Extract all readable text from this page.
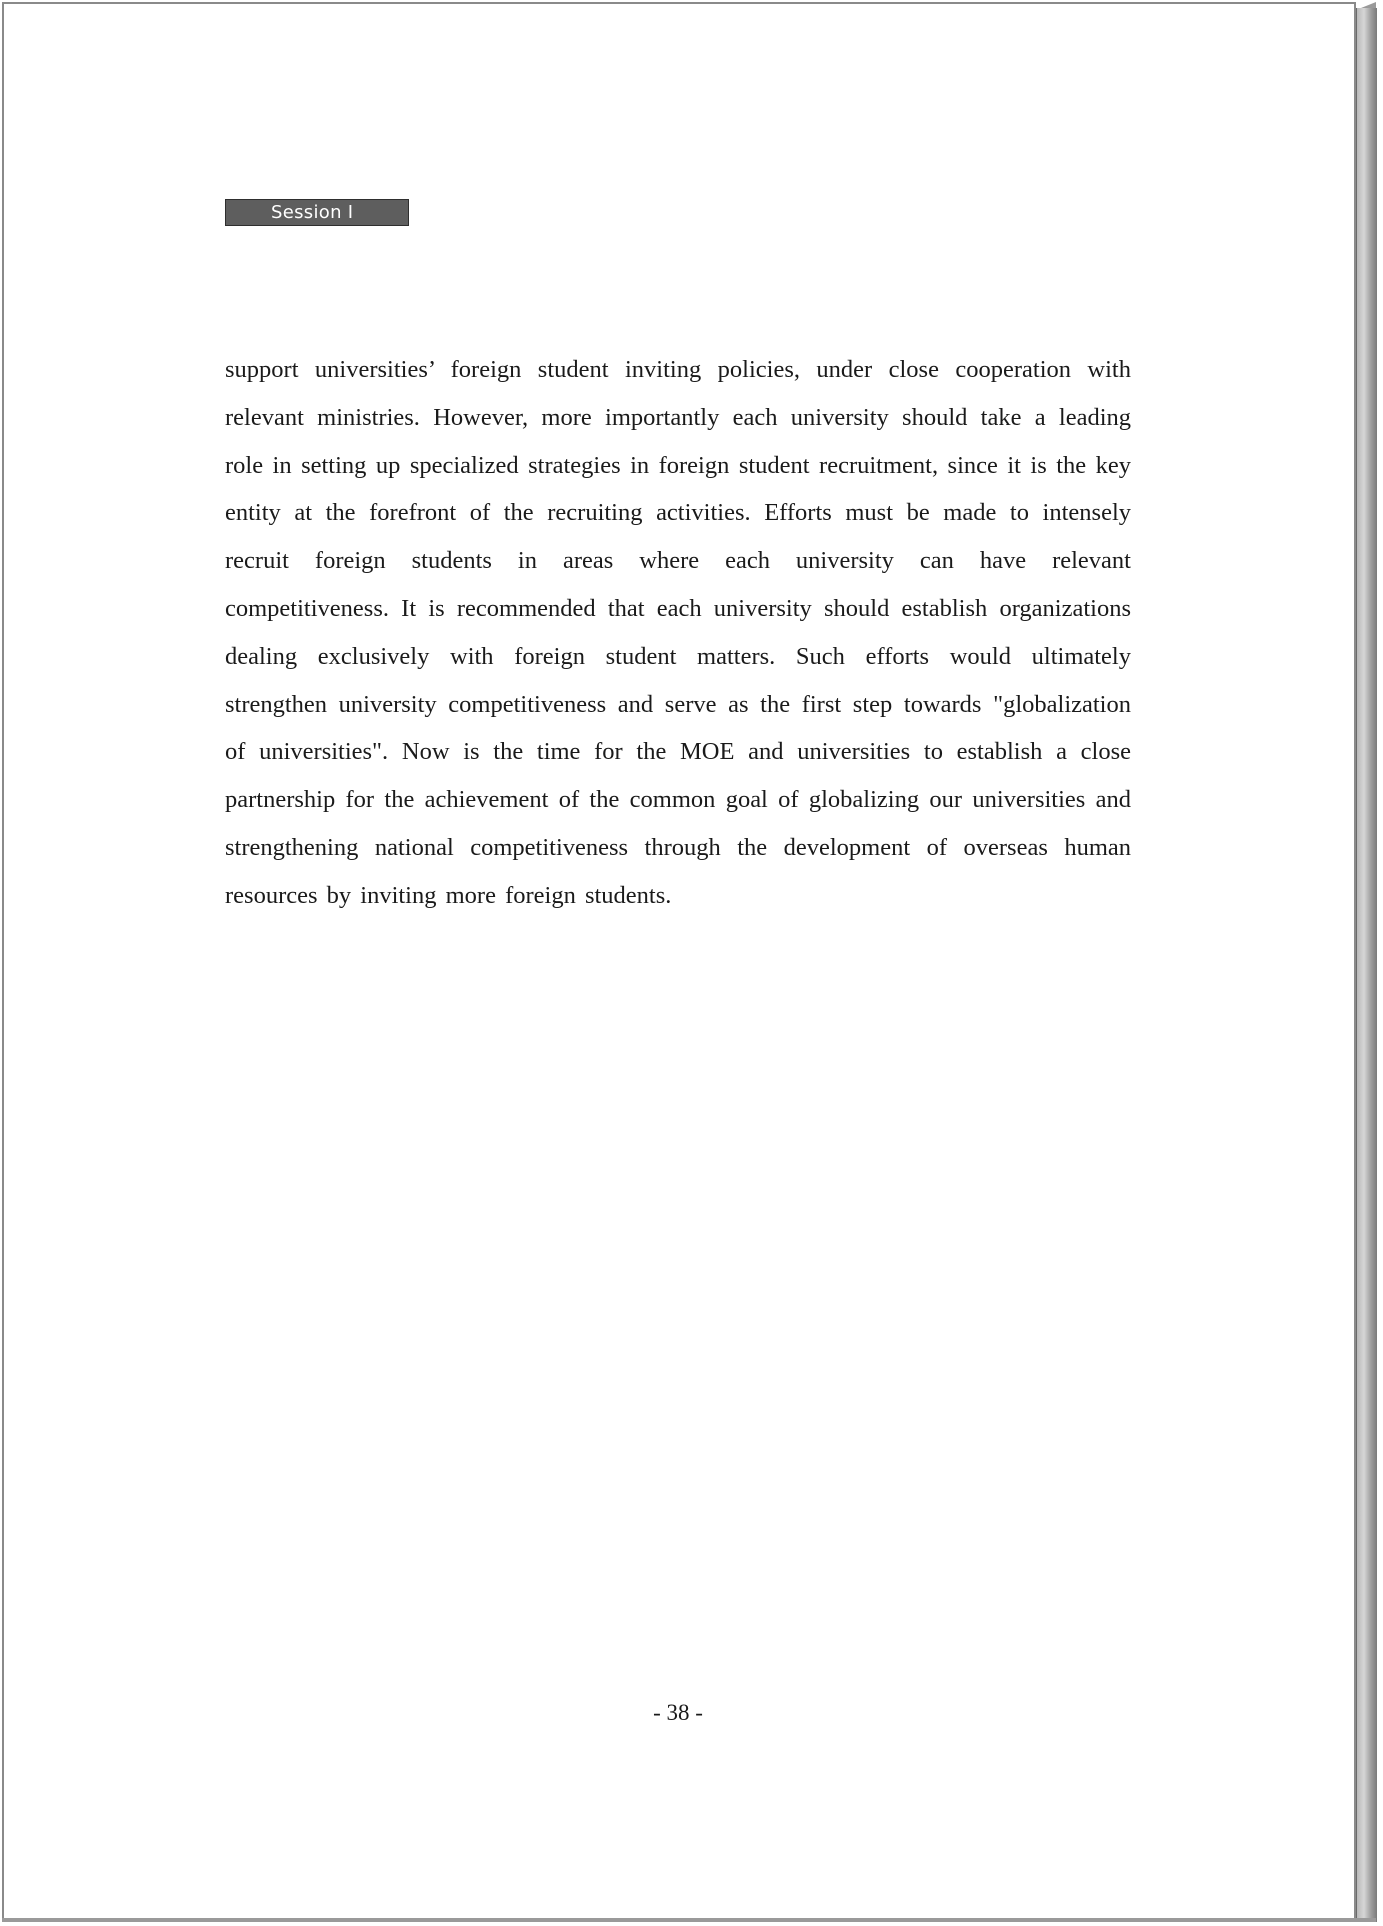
Session Ⅰ

support universities’ foreign student inviting policies, under close cooperation with relevant ministries. However, more importantly each university should take a leading role in setting up specialized strategies in foreign student recruitment, since it is the key entity at the forefront of the recruiting activities. Efforts must be made to intensely recruit foreign students in areas where each university can have relevant competitiveness. It is recommended that each university should establish organizations dealing exclusively with foreign student matters. Such efforts would ultimately strengthen university competitiveness and serve as the first step towards "globalization of universities". Now is the time for the MOE and universities to establish a close partnership for the achievement of the common goal of globalizing our universities and strengthening national competitiveness through the development of overseas human resources by inviting more foreign students.

- 38 -
